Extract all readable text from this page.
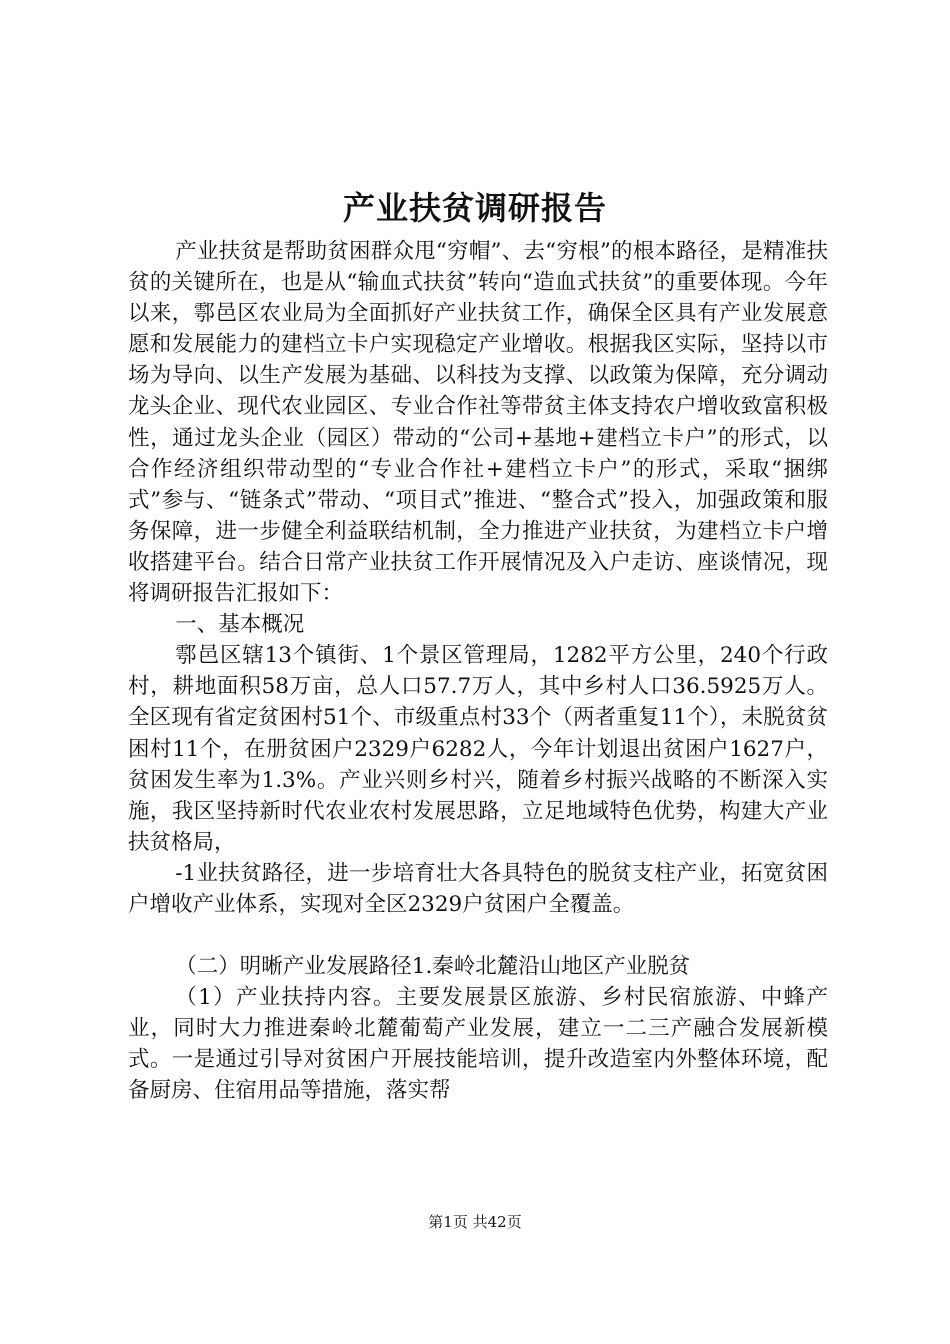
产业扶贫调研报告

产业扶贫是帮助贫困群众甩“穷帽”、去“穷根”的根本路径，是精准扶贫的关键所在，也是从“输血式扶贫”转向“造血式扶贫”的重要体现。今年以来，鄠邑区农业局为全面抓好产业扶贫工作，确保全区具有产业发展意愿和发展能力的建档立卡户实现稳定产业增收。根据我区实际，坚持以市场为导向、以生产发展为基础、以科技为支撑、以政策为保障，充分调动龙头企业、现代农业园区、专业合作社等带贫主体支持农户增收致富积极性，通过龙头企业（园区）带动的“公司+基地+建档立卡户”的形式，以合作经济组织带动型的“专业合作社+建档立卡户”的形式，采取“捆绑式”参与、“链条式”带动、“项目式”推进、“整合式”投入，加强政策和服务保障，进一步健全利益联结机制，全力推进产业扶贫，为建档立卡户增收搭建平台。结合日常产业扶贫工作开展情况及入户走访、座谈情况，现将调研报告汇报如下：

一、基本概况

鄠邑区辖13个镇街、1个景区管理局，1282平方公里，240个行政村，耕地面积58万亩，总人口57.7万人，其中乡村人口36.5925万人。全区现有省定贫困村51个、市级重点村33个（两者重复11个），未脱贫贫困村11个，在册贫困户2329户6282人，今年计划退出贫困户1627户，贫困发生率为1.3%。产业兴则乡村兴，随着乡村振兴战略的不断深入实施，我区坚持新时代农业农村发展思路，立足地域特色优势，构建大产业扶贫格局，

-1业扶贫路径，进一步培育壮大各具特色的脱贫支柱产业，拓宽贫困户增收产业体系，实现对全区2329户贫困户全覆盖。

（二）明晰产业发展路径1.秦岭北麓沿山地区产业脱贫

（1）产业扶持内容。主要发展景区旅游、乡村民宿旅游、中蜂产业，同时大力推进秦岭北麓葡萄产业发展，建立一二三产融合发展新模式。一是通过引导对贫困户开展技能培训，提升改造室内外整体环境，配备厨房、住宿用品等措施，落实帮

第1页 共42页
